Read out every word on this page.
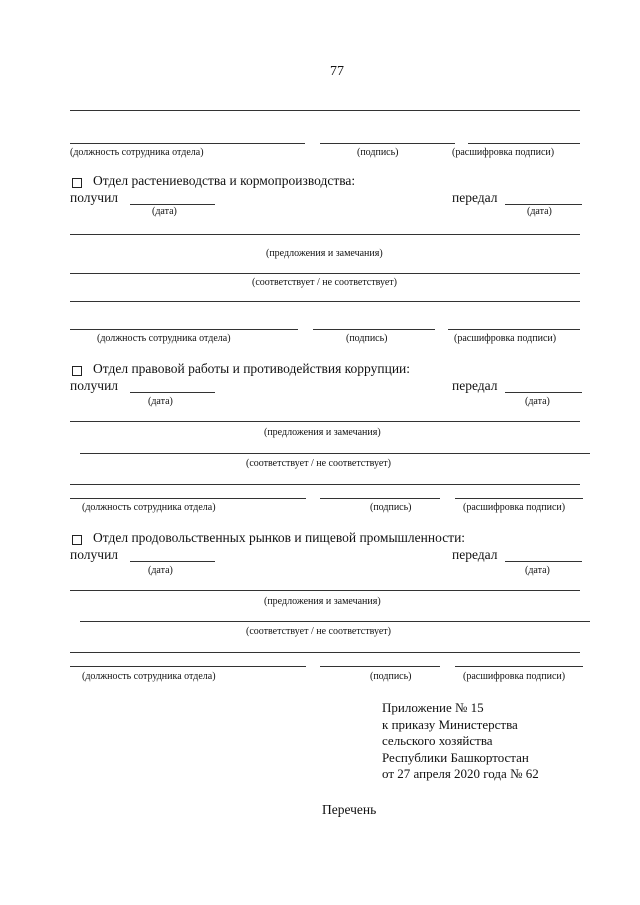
77
(должность сотрудника отдела)	(подпись)	(расшифровка подписи)
Отдел растениеводства и кормопроизводства:
получил
(дата)
передал
(дата)
(предложения и замечания)
(соответствует / не соответствует)
(должность сотрудника отдела)	(подпись)	(расшифровка подписи)
Отдел правовой работы и противодействия коррупции:
получил
(дата)
передал
(дата)
(предложения и замечания)
(соответствует / не соответствует)
(должность сотрудника отдела)	(подпись)	(расшифровка подписи)
Отдел продовольственных рынков и пищевой промышленности:
получил
(дата)
передал
(дата)
(предложения и замечания)
(соответствует / не соответствует)
(должность сотрудника отдела)	(подпись)	(расшифровка подписи)
Приложение № 15
к приказу Министерства
сельского хозяйства
Республики Башкортостан
от 27 апреля 2020 года № 62
Перечень
